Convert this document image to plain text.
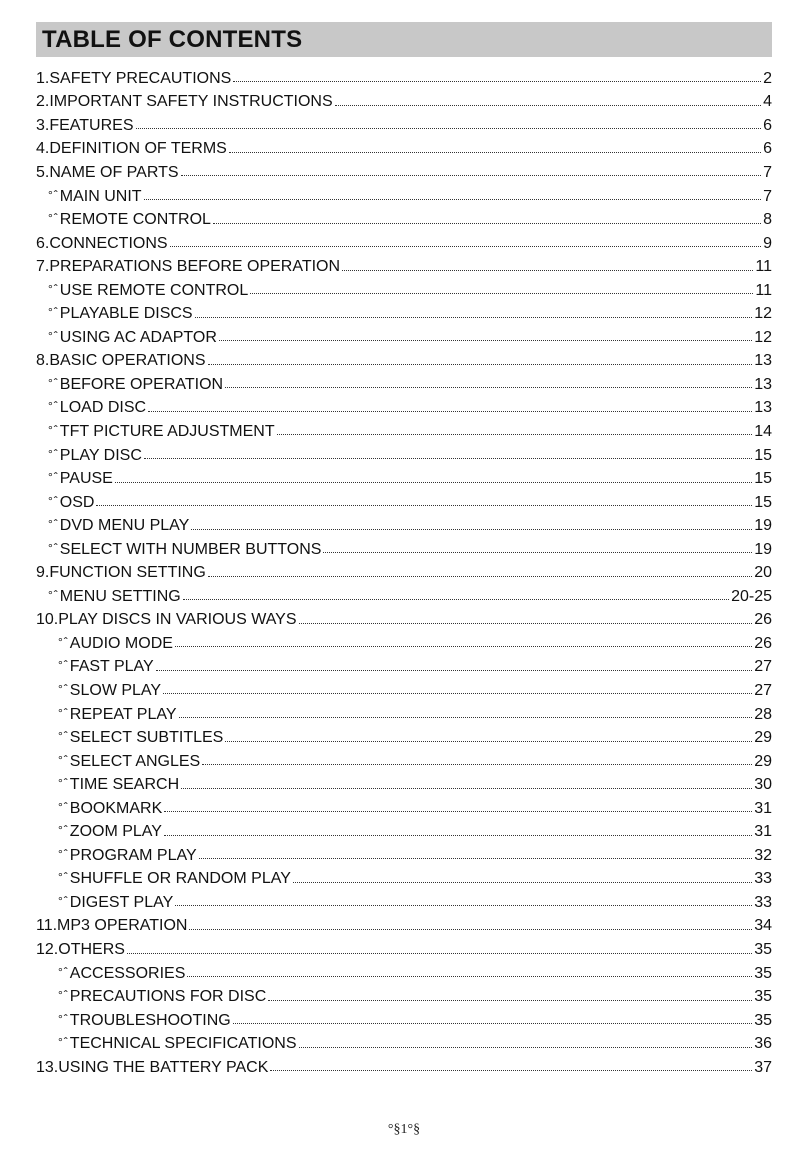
TABLE OF CONTENTS
1.SAFETY PRECAUTIONS	2
2.IMPORTANT SAFETY INSTRUCTIONS	4
3.FEATURES	6
4.DEFINITION OF TERMS	6
5.NAME OF PARTS	7
°ˆMAIN UNIT	7
°ˆREMOTE CONTROL	8
6.CONNECTIONS	9
7.PREPARATIONS BEFORE OPERATION	11
°ˆUSE REMOTE CONTROL	11
°ˆPLAYABLE DISCS	12
°ˆUSING AC ADAPTOR	12
8.BASIC OPERATIONS	13
°ˆBEFORE OPERATION	13
°ˆLOAD DISC	13
°ˆTFT PICTURE ADJUSTMENT	14
°ˆPLAY DISC	15
°ˆPAUSE	15
°ˆOSD	15
°ˆDVD MENU PLAY	19
°ˆSELECT WITH NUMBER BUTTONS	19
9.FUNCTION SETTING	20
°ˆMENU SETTING	20-25
10.PLAY DISCS IN VARIOUS WAYS	26
°ˆAUDIO MODE	26
°ˆFAST PLAY	27
°ˆSLOW PLAY	27
°ˆREPEAT PLAY	28
°ˆSELECT SUBTITLES	29
°ˆSELECT ANGLES	29
°ˆTIME SEARCH	30
°ˆBOOKMARK	31
°ˆZOOM PLAY	31
°ˆPROGRAM PLAY	32
°ˆSHUFFLE OR RANDOM PLAY	33
°ˆDIGEST PLAY	33
11.MP3 OPERATION	34
12.OTHERS	35
°ˆACCESSORIES	35
°ˆPRECAUTIONS FOR DISC	35
°ˆTROUBLESHOOTING	35
°ˆTECHNICAL SPECIFICATIONS	36
13.USING THE BATTERY PACK	37
°§1°§
